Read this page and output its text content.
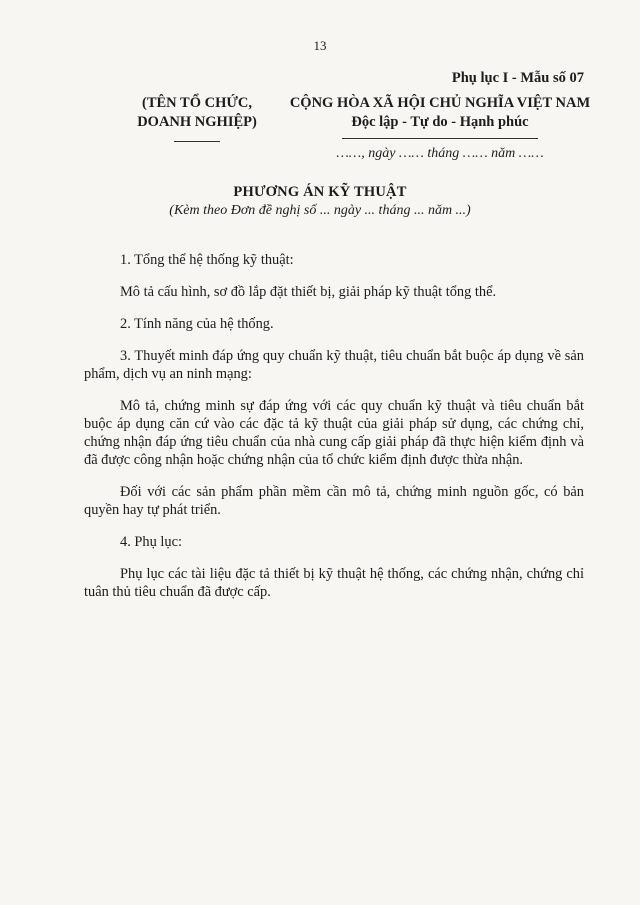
13
Phụ lục I - Mẫu số 07
(TÊN TỔ CHỨC,
DOANH NGHIỆP)
CỘNG HÒA XÃ HỘI CHỦ NGHĨA VIỆT NAM
Độc lập - Tự do - Hạnh phúc
……, ngày …… tháng …… năm ……
PHƯƠNG ÁN KỸ THUẬT
(Kèm theo Đơn đề nghị số ... ngày ... tháng ... năm ...)

1. Tổng thể hệ thống kỹ thuật:

Mô tả cấu hình, sơ đồ lắp đặt thiết bị, giải pháp kỹ thuật tổng thể.

2. Tính năng của hệ thống.

3. Thuyết minh đáp ứng quy chuẩn kỹ thuật, tiêu chuẩn bắt buộc áp dụng về sản phẩm, dịch vụ an ninh mạng:

Mô tả, chứng minh sự đáp ứng với các quy chuẩn kỹ thuật và tiêu chuẩn bắt buộc áp dụng căn cứ vào các đặc tả kỹ thuật của giải pháp sử dụng, các chứng chỉ, chứng nhận đáp ứng tiêu chuẩn của nhà cung cấp giải pháp đã thực hiện kiểm định và đã được công nhận hoặc chứng nhận của tổ chức kiểm định được thừa nhận.

Đối với các sản phẩm phần mềm cần mô tả, chứng minh nguồn gốc, có bản quyền hay tự phát triển.

4. Phụ lục:

Phụ lục các tài liệu đặc tả thiết bị kỹ thuật hệ thống, các chứng nhận, chứng chỉ tuân thủ tiêu chuẩn đã được cấp.
